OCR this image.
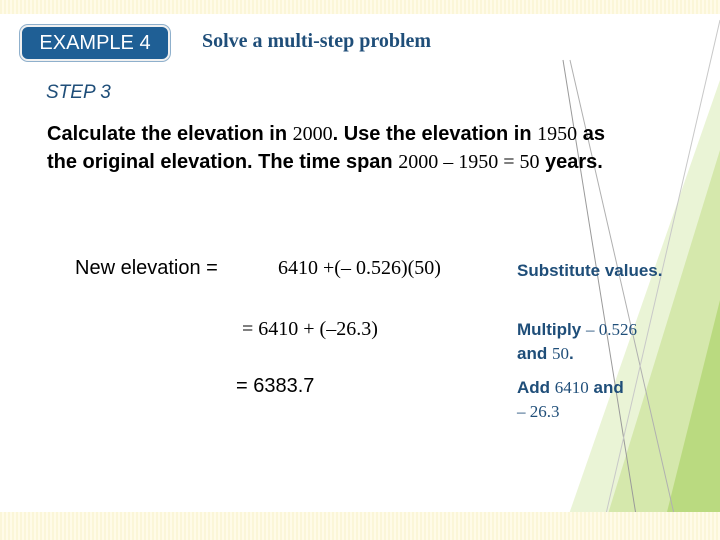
EXAMPLE 4	Solve a multi-step problem
STEP 3
Calculate the elevation in 2000. Use the elevation in 1950 as the original elevation. The time span 2000 – 1950 = 50 years.
New elevation =	6410 +(– 0.526)(50)
= 6410 + (–26.3)
= 6383.7
Substitute values.
Multiply – 0.526
and 50.
Add 6410 and
– 26.3
